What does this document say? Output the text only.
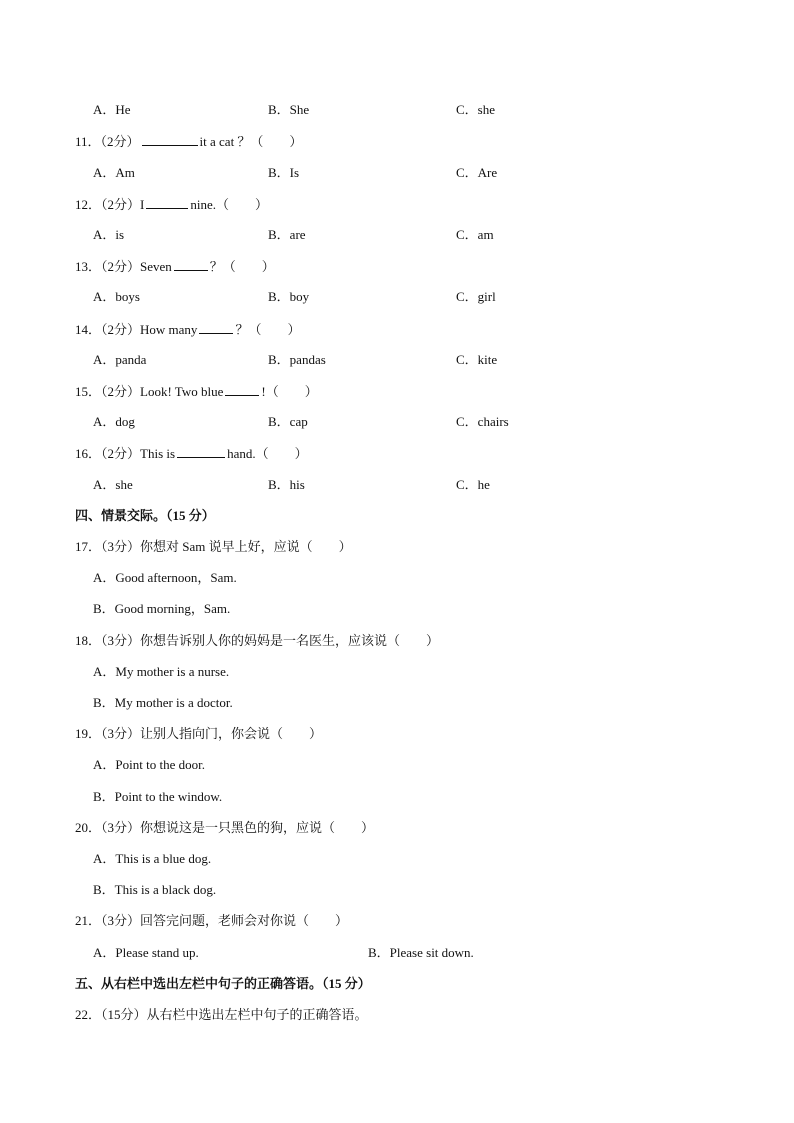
A．He	B．She	C．she
11．（2分）	it a cat ？（　　）
A．Am	B．Is	C．Are
12．（2分）I	nine.（　　）
A．is	B．are	C．am
13．（2分）Seven	？（　　）
A．boys	B．boy	C．girl
14．（2分）How many	？（　　）
A．panda	B．pandas	C．kite
15．（2分）Look! Two blue	!（　　）
A．dog	B．cap	C．chairs
16．（2分）This is	hand.（　　）
A．she	B．his	C．he
四、情景交际。（15 分）
17．（3分）你想对 Sam 说早上好，应说（　　）
A．Good afternoon，Sam.
B．Good morning，Sam.
18．（3分）你想告诉别人你的妈妈是一名医生，应该说（　　）
A．My mother is a nurse.
B．My mother is a doctor.
19．（3分）让别人指向门，你会说（　　）
A．Point to the door.
B．Point to the window.
20．（3分）你想说这是一只黑色的狗，应说（　　）
A．This is a blue dog.
B．This is a black dog.
21．（3分）回答完问题，老师会对你说（　　）
A．Please stand up.	B．Please sit down.
五、从右栏中选出左栏中句子的正确答语。（15 分）
22．（15分）从右栏中选出左栏中句子的正确答语。
